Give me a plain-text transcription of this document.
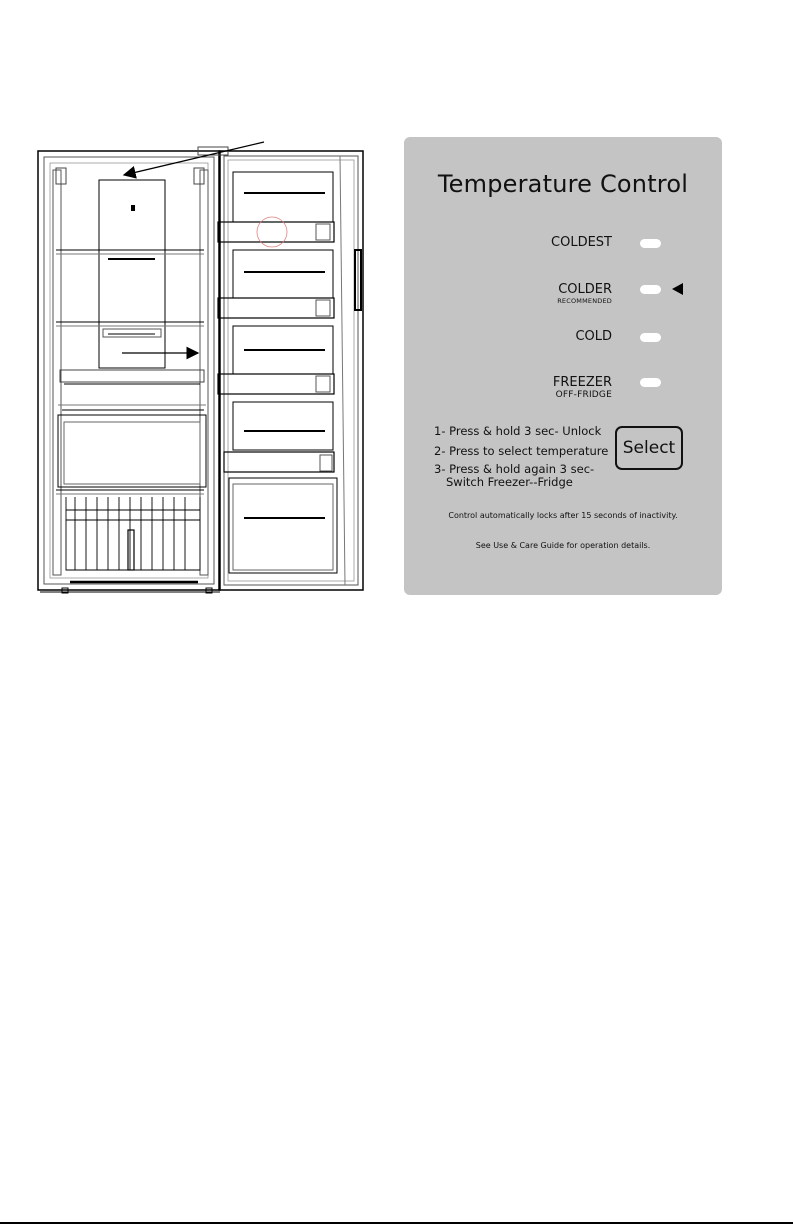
Temperature Control
COLDEST
COLDER
RECOMMENDED
COLD
FREEZER
OFF-FRIDGE
1- Press & hold 3 sec- Unlock
2- Press to select temperature
3- Press & hold again 3 sec-
Switch Freezer--Fridge
Select
Control automatically locks after 15 seconds of inactivity.
See Use & Care Guide for operation details.
